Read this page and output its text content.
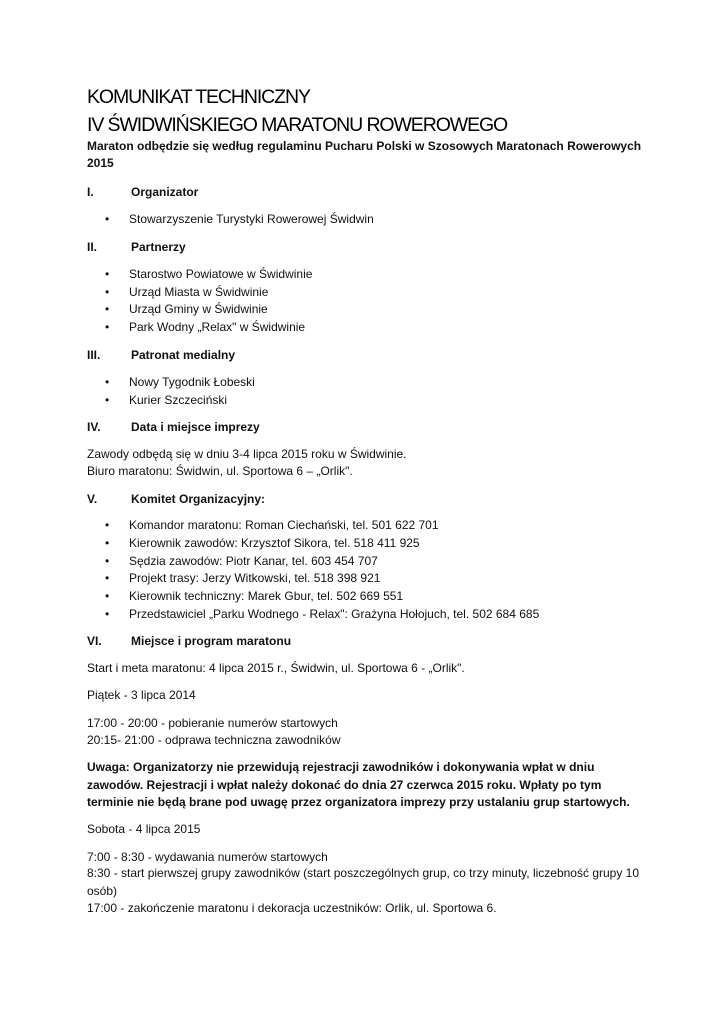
KOMUNIKAT TECHNICZNY
IV ŚWIDWIŃSKIEGO MARATONU ROWEROWEGO

Maraton odbędzie się według regulaminu Pucharu Polski w Szosowych Maratonach Rowerowych 2015

I.	Organizator
• Stowarzyszenie Turystyki Rowerowej Świdwin
II.	Partnerzy
• Starostwo Powiatowe w Świdwinie
• Urząd Miasta w Świdwinie
• Urząd Gminy w Świdwinie
• Park Wodny „Relax" w Świdwinie
III.	Patronat medialny
• Nowy Tygodnik Łobeski
• Kurier Szczeciński
IV.	Data i miejsce imprezy
Zawody odbędą się w dniu 3-4 lipca 2015 roku w Świdwinie.
Biuro maratonu: Świdwin, ul. Sportowa 6 – „Orlik".
V.	Komitet Organizacyjny:
• Komandor maratonu: Roman Ciechański, tel. 501 622 701
• Kierownik zawodów: Krzysztof Sikora, tel. 518 411 925
• Sędzia zawodów: Piotr Kanar, tel. 603 454 707
• Projekt trasy: Jerzy Witkowski, tel. 518 398 921
• Kierownik techniczny: Marek Gbur, tel. 502 669 551
• Przedstawiciel „Parku Wodnego - Relax": Grażyna Hołojuch, tel. 502 684 685
VI. Miejsce i program maratonu
Start i meta maratonu: 4 lipca 2015 r., Świdwin, ul. Sportowa 6 - „Orlik".
Piątek - 3 lipca 2014
17:00 - 20:00 - pobieranie numerów startowych
20:15- 21:00 - odprawa techniczna zawodników
Uwaga: Organizatorzy nie przewidują rejestracji zawodników i dokonywania wpłat w dniu zawodów. Rejestracji i wpłat należy dokonać do dnia 27 czerwca 2015 roku. Wpłaty po tym terminie nie będą brane pod uwagę przez organizatora imprezy przy ustalaniu grup startowych.
Sobota - 4 lipca 2015
7:00 - 8:30 - wydawania numerów startowych
8:30 - start pierwszej grupy zawodników (start poszczególnych grup, co trzy minuty, liczebność grupy 10 osób)
17:00 - zakończenie maratonu i dekoracja uczestników: Orlik, ul. Sportowa 6.
